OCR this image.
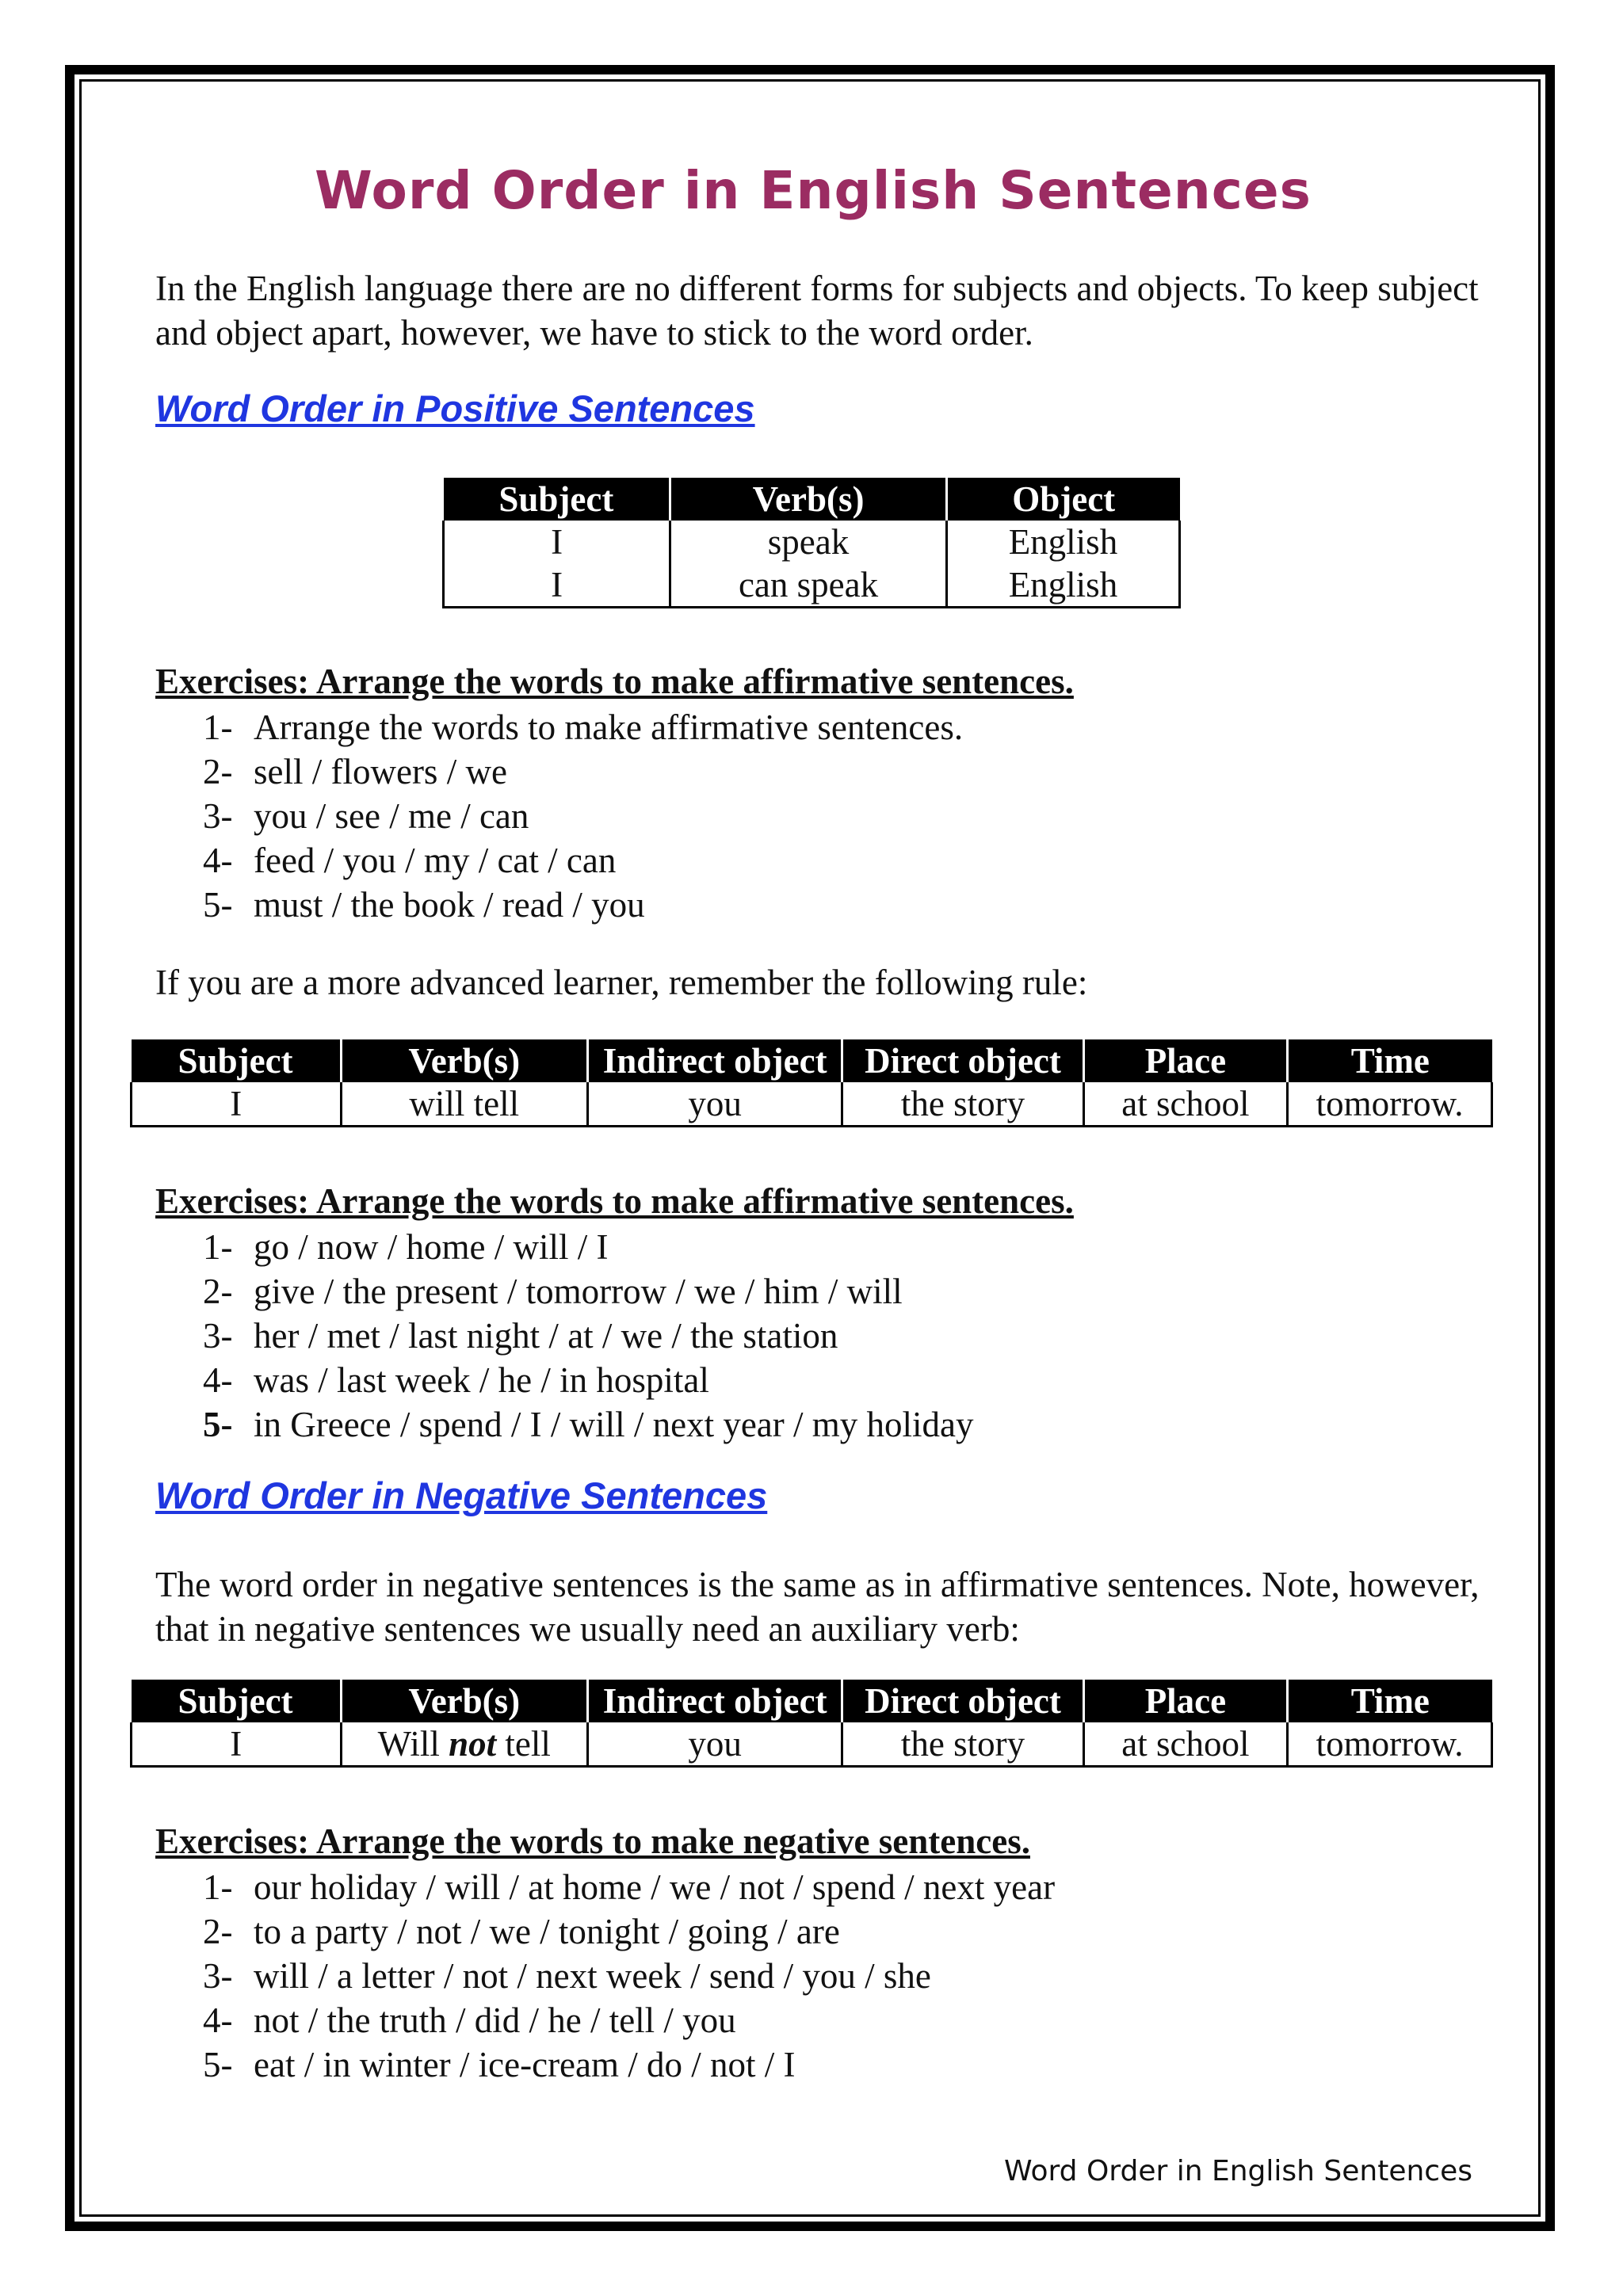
Word Order in English Sentences

In the English language there are no different forms for subjects and objects. To keep subject and object apart, however, we have to stick to the word order.

Word Order in Positive Sentences
Subject	Verb(s)	Object
I	speak	English
I	can speak	English
Exercises: Arrange the words to make affirmative sentences.
1- Arrange the words to make affirmative sentences.
2- sell / flowers / we
3- you / see / me / can
4- feed / you / my / cat / can
5- must / the book / read / you

If you are a more advanced learner, remember the following rule:

Subject	Verb(s)	Indirect object	Direct object	Place	Time
I	will tell	you	the story	at school	tomorrow.
Exercises: Arrange the words to make affirmative sentences.
1- go / now / home / will / I
2- give / the present / tomorrow / we / him / will
3- her / met / last night / at / we / the station
4- was / last week / he / in hospital
5- in Greece / spend / I / will / next year / my holiday
Word Order in Negative Sentences

The word order in negative sentences is the same as in affirmative sentences. Note, however, that in negative sentences we usually need an auxiliary verb:

Subject	Verb(s)	Indirect object	Direct object	Place	Time
I	Will not tell	you	the story	at school	tomorrow.
Exercises: Arrange the words to make negative sentences.
1- our holiday / will / at home / we / not / spend / next year
2- to a party / not / we / tonight / going / are
3- will / a letter / not / next week / send / you / she
4- not / the truth / did / he / tell / you
5- eat / in winter / ice-cream / do / not / I
Word Order in English Sentences
